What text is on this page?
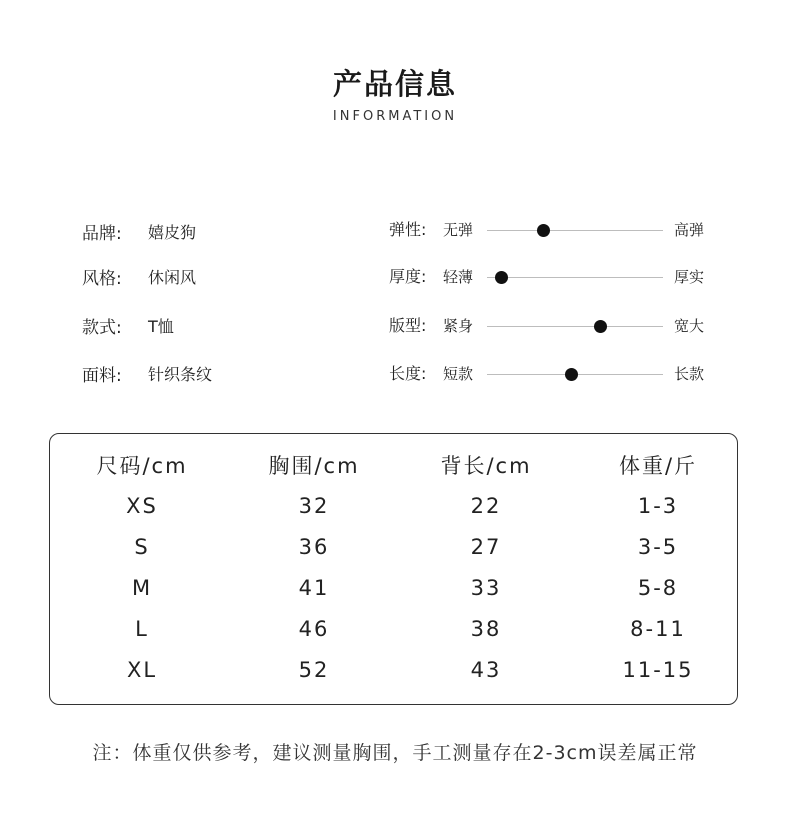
产品信息
INFORMATION
品牌:	嬉皮狗
风格:	休闲风
款式:	T恤
面料:	针织条纹
弹性: 无弹	高弹
厚度: 轻薄	厚实
版型: 紧身	宽大
长度: 短款	长款
尺码/cm	胸围/cm	背长/cm	体重/斤
XS	32	22	1-3
S	36	27	3-5
M	41	33	5-8
L	46	38	8-11
XL	52	43	11-15
注：体重仅供参考，建议测量胸围，手工测量存在2-3cm误差属正常
